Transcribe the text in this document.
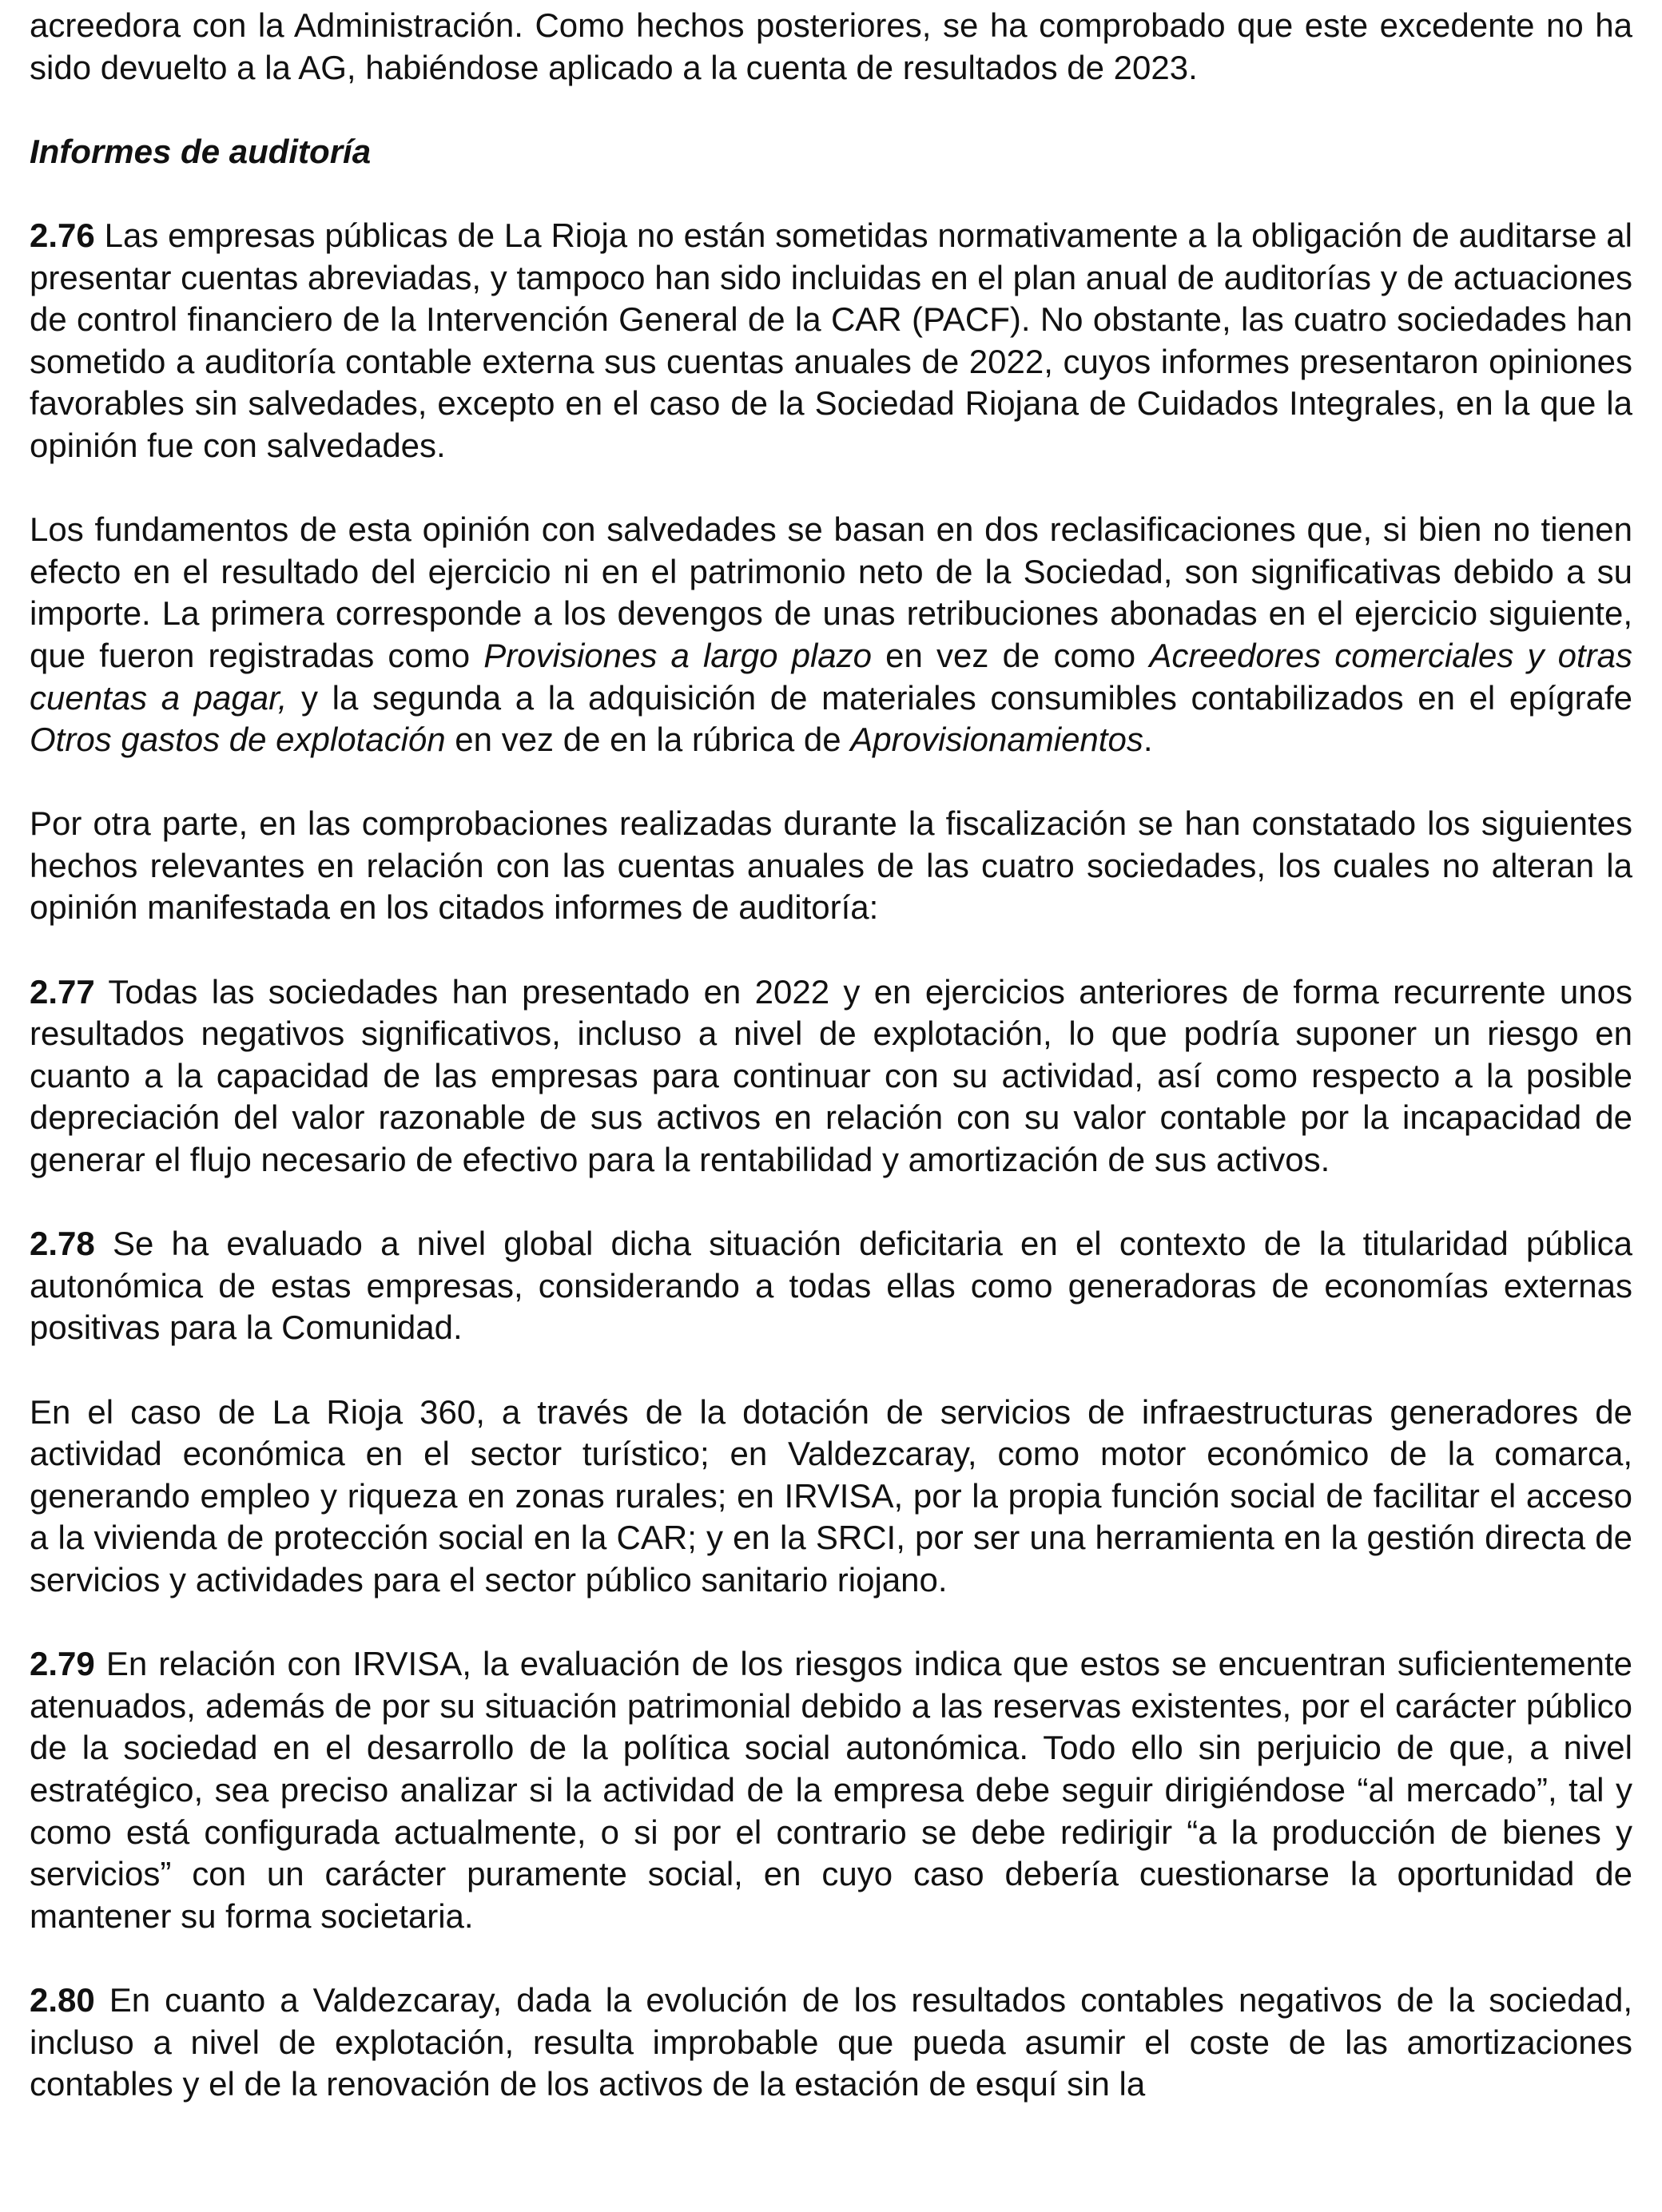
acreedora con la Administración. Como hechos posteriores, se ha comprobado que este excedente no ha sido devuelto a la AG, habiéndose aplicado a la cuenta de resultados de 2023.

Informes de auditoría

2.76 Las empresas públicas de La Rioja no están sometidas normativamente a la obligación de auditarse al presentar cuentas abreviadas, y tampoco han sido incluidas en el plan anual de auditorías y de actuaciones de control financiero de la Intervención General de la CAR (PACF). No obstante, las cuatro sociedades han sometido a auditoría contable externa sus cuentas anuales de 2022, cuyos informes presentaron opiniones favorables sin salvedades, excepto en el caso de la Sociedad Riojana de Cuidados Integrales, en la que la opinión fue con salvedades.

Los fundamentos de esta opinión con salvedades se basan en dos reclasificaciones que, si bien no tienen efecto en el resultado del ejercicio ni en el patrimonio neto de la Sociedad, son significativas debido a su importe. La primera corresponde a los devengos de unas retribuciones abonadas en el ejercicio siguiente, que fueron registradas como Provisiones a largo plazo en vez de como Acreedores comerciales y otras cuentas a pagar, y la segunda a la adquisición de materiales consumibles contabilizados en el epígrafe Otros gastos de explotación en vez de en la rúbrica de Aprovisionamientos.

Por otra parte, en las comprobaciones realizadas durante la fiscalización se han constatado los siguientes hechos relevantes en relación con las cuentas anuales de las cuatro sociedades, los cuales no alteran la opinión manifestada en los citados informes de auditoría:

2.77 Todas las sociedades han presentado en 2022 y en ejercicios anteriores de forma recurrente unos resultados negativos significativos, incluso a nivel de explotación, lo que podría suponer un riesgo en cuanto a la capacidad de las empresas para continuar con su actividad, así como respecto a la posible depreciación del valor razonable de sus activos en relación con su valor contable por la incapacidad de generar el flujo necesario de efectivo para la rentabilidad y amortización de sus activos.

2.78 Se ha evaluado a nivel global dicha situación deficitaria en el contexto de la titularidad pública autonómica de estas empresas, considerando a todas ellas como generadoras de economías externas positivas para la Comunidad.

En el caso de La Rioja 360, a través de la dotación de servicios de infraestructuras generadores de actividad económica en el sector turístico; en Valdezcaray, como motor económico de la comarca, generando empleo y riqueza en zonas rurales; en IRVISA, por la propia función social de facilitar el acceso a la vivienda de protección social en la CAR; y en la SRCI, por ser una herramienta en la gestión directa de servicios y actividades para el sector público sanitario riojano.

2.79 En relación con IRVISA, la evaluación de los riesgos indica que estos se encuentran suficientemente atenuados, además de por su situación patrimonial debido a las reservas existentes, por el carácter público de la sociedad en el desarrollo de la política social autonómica. Todo ello sin perjuicio de que, a nivel estratégico, sea preciso analizar si la actividad de la empresa debe seguir dirigiéndose “al mercado”, tal y como está configurada actualmente, o si por el contrario se debe redirigir “a la producción de bienes y servicios” con un carácter puramente social, en cuyo caso debería cuestionarse la oportunidad de mantener su forma societaria.

2.80 En cuanto a Valdezcaray, dada la evolución de los resultados contables negativos de la sociedad, incluso a nivel de explotación, resulta improbable que pueda asumir el coste de las amortizaciones contables y el de la renovación de los activos de la estación de esquí sin la
